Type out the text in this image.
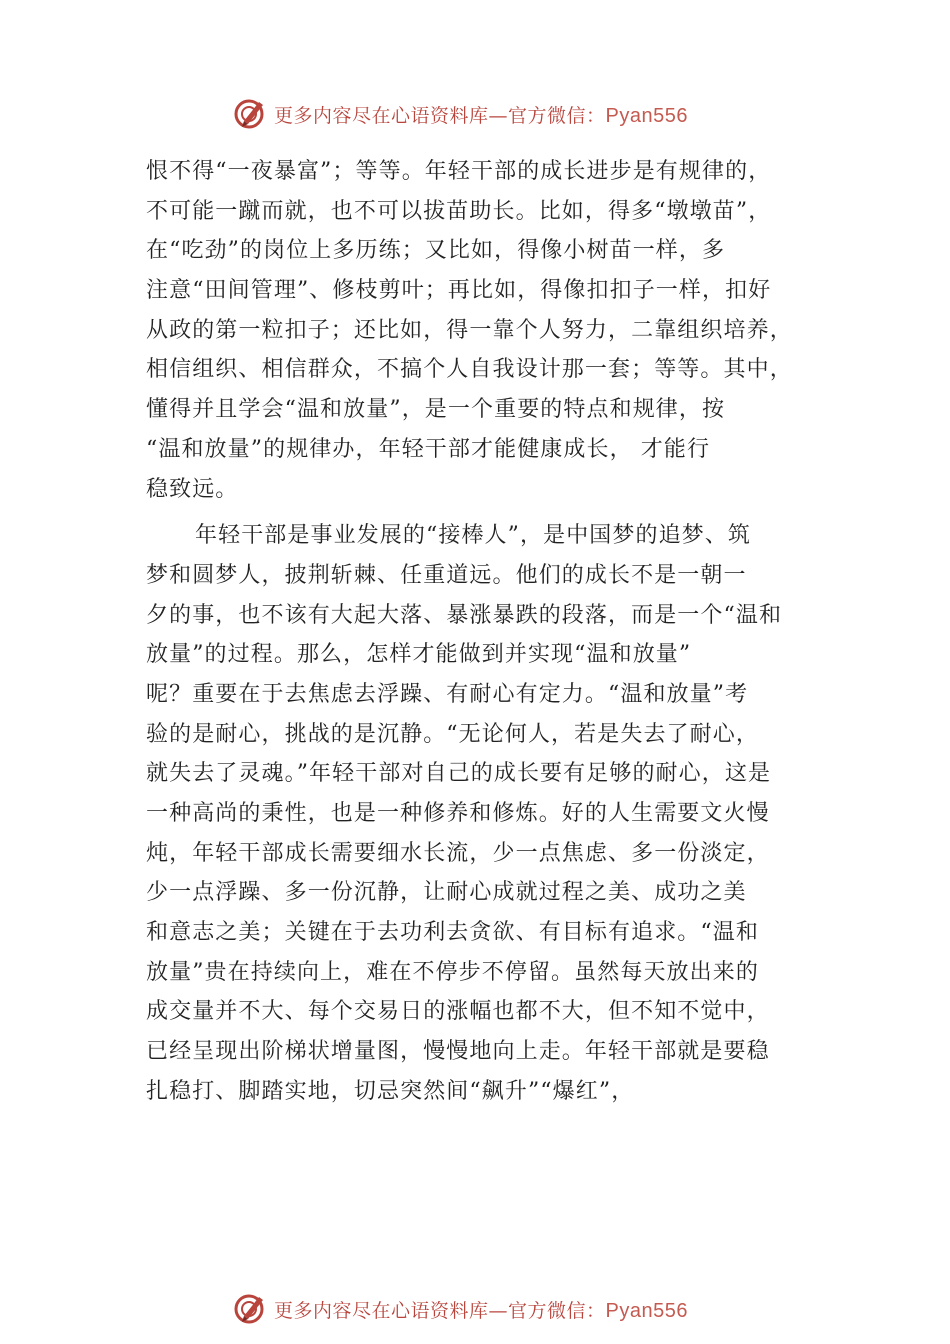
更多内容尽在心语资料库—官方微信：Pyan556
恨不得“一夜暴富”；等等。年轻干部的成长进步是有规律的，
不可能一蹴而就，也不可以拔苗助长。比如，得多“墩墩苗”，
在“吃劲”的岗位上多历练；又比如，得像小树苗一样，多
注意“田间管理”、修枝剪叶；再比如，得像扣扣子一样，扣好
从政的第一粒扣子；还比如，得一靠个人努力，二靠组织培养，
相信组织、相信群众，不搞个人自我设计那一套；等等。其中，
懂得并且学会“温和放量”，是一个重要的特点和规律，按
“温和放量”的规律办，年轻干部才能健康成长， 才能行
稳致远。
年轻干部是事业发展的“接棒人”，是中国梦的追梦、筑
梦和圆梦人，披荆斩棘、任重道远。他们的成长不是一朝一
夕的事，也不该有大起大落、暴涨暴跌的段落，而是一个“温和
放量”的过程。那么，怎样才能做到并实现“温和放量”
呢？重要在于去焦虑去浮躁、有耐心有定力。“温和放量”考
验的是耐心，挑战的是沉静。“无论何人，若是失去了耐心，
就失去了灵魂。”年轻干部对自己的成长要有足够的耐心，这是
一种高尚的秉性，也是一种修养和修炼。好的人生需要文火慢
炖，年轻干部成长需要细水长流，少一点焦虑、多一份淡定，
少一点浮躁、多一份沉静，让耐心成就过程之美、成功之美
和意志之美；关键在于去功利去贪欲、有目标有追求。“温和
放量”贵在持续向上，难在不停步不停留。虽然每天放出来的
成交量并不大、每个交易日的涨幅也都不大，但不知不觉中，
已经呈现出阶梯状增量图，慢慢地向上走。年轻干部就是要稳
扎稳打、脚踏实地，切忌突然间“飙升”“爆红”，
更多内容尽在心语资料库—官方微信：Pyan556
